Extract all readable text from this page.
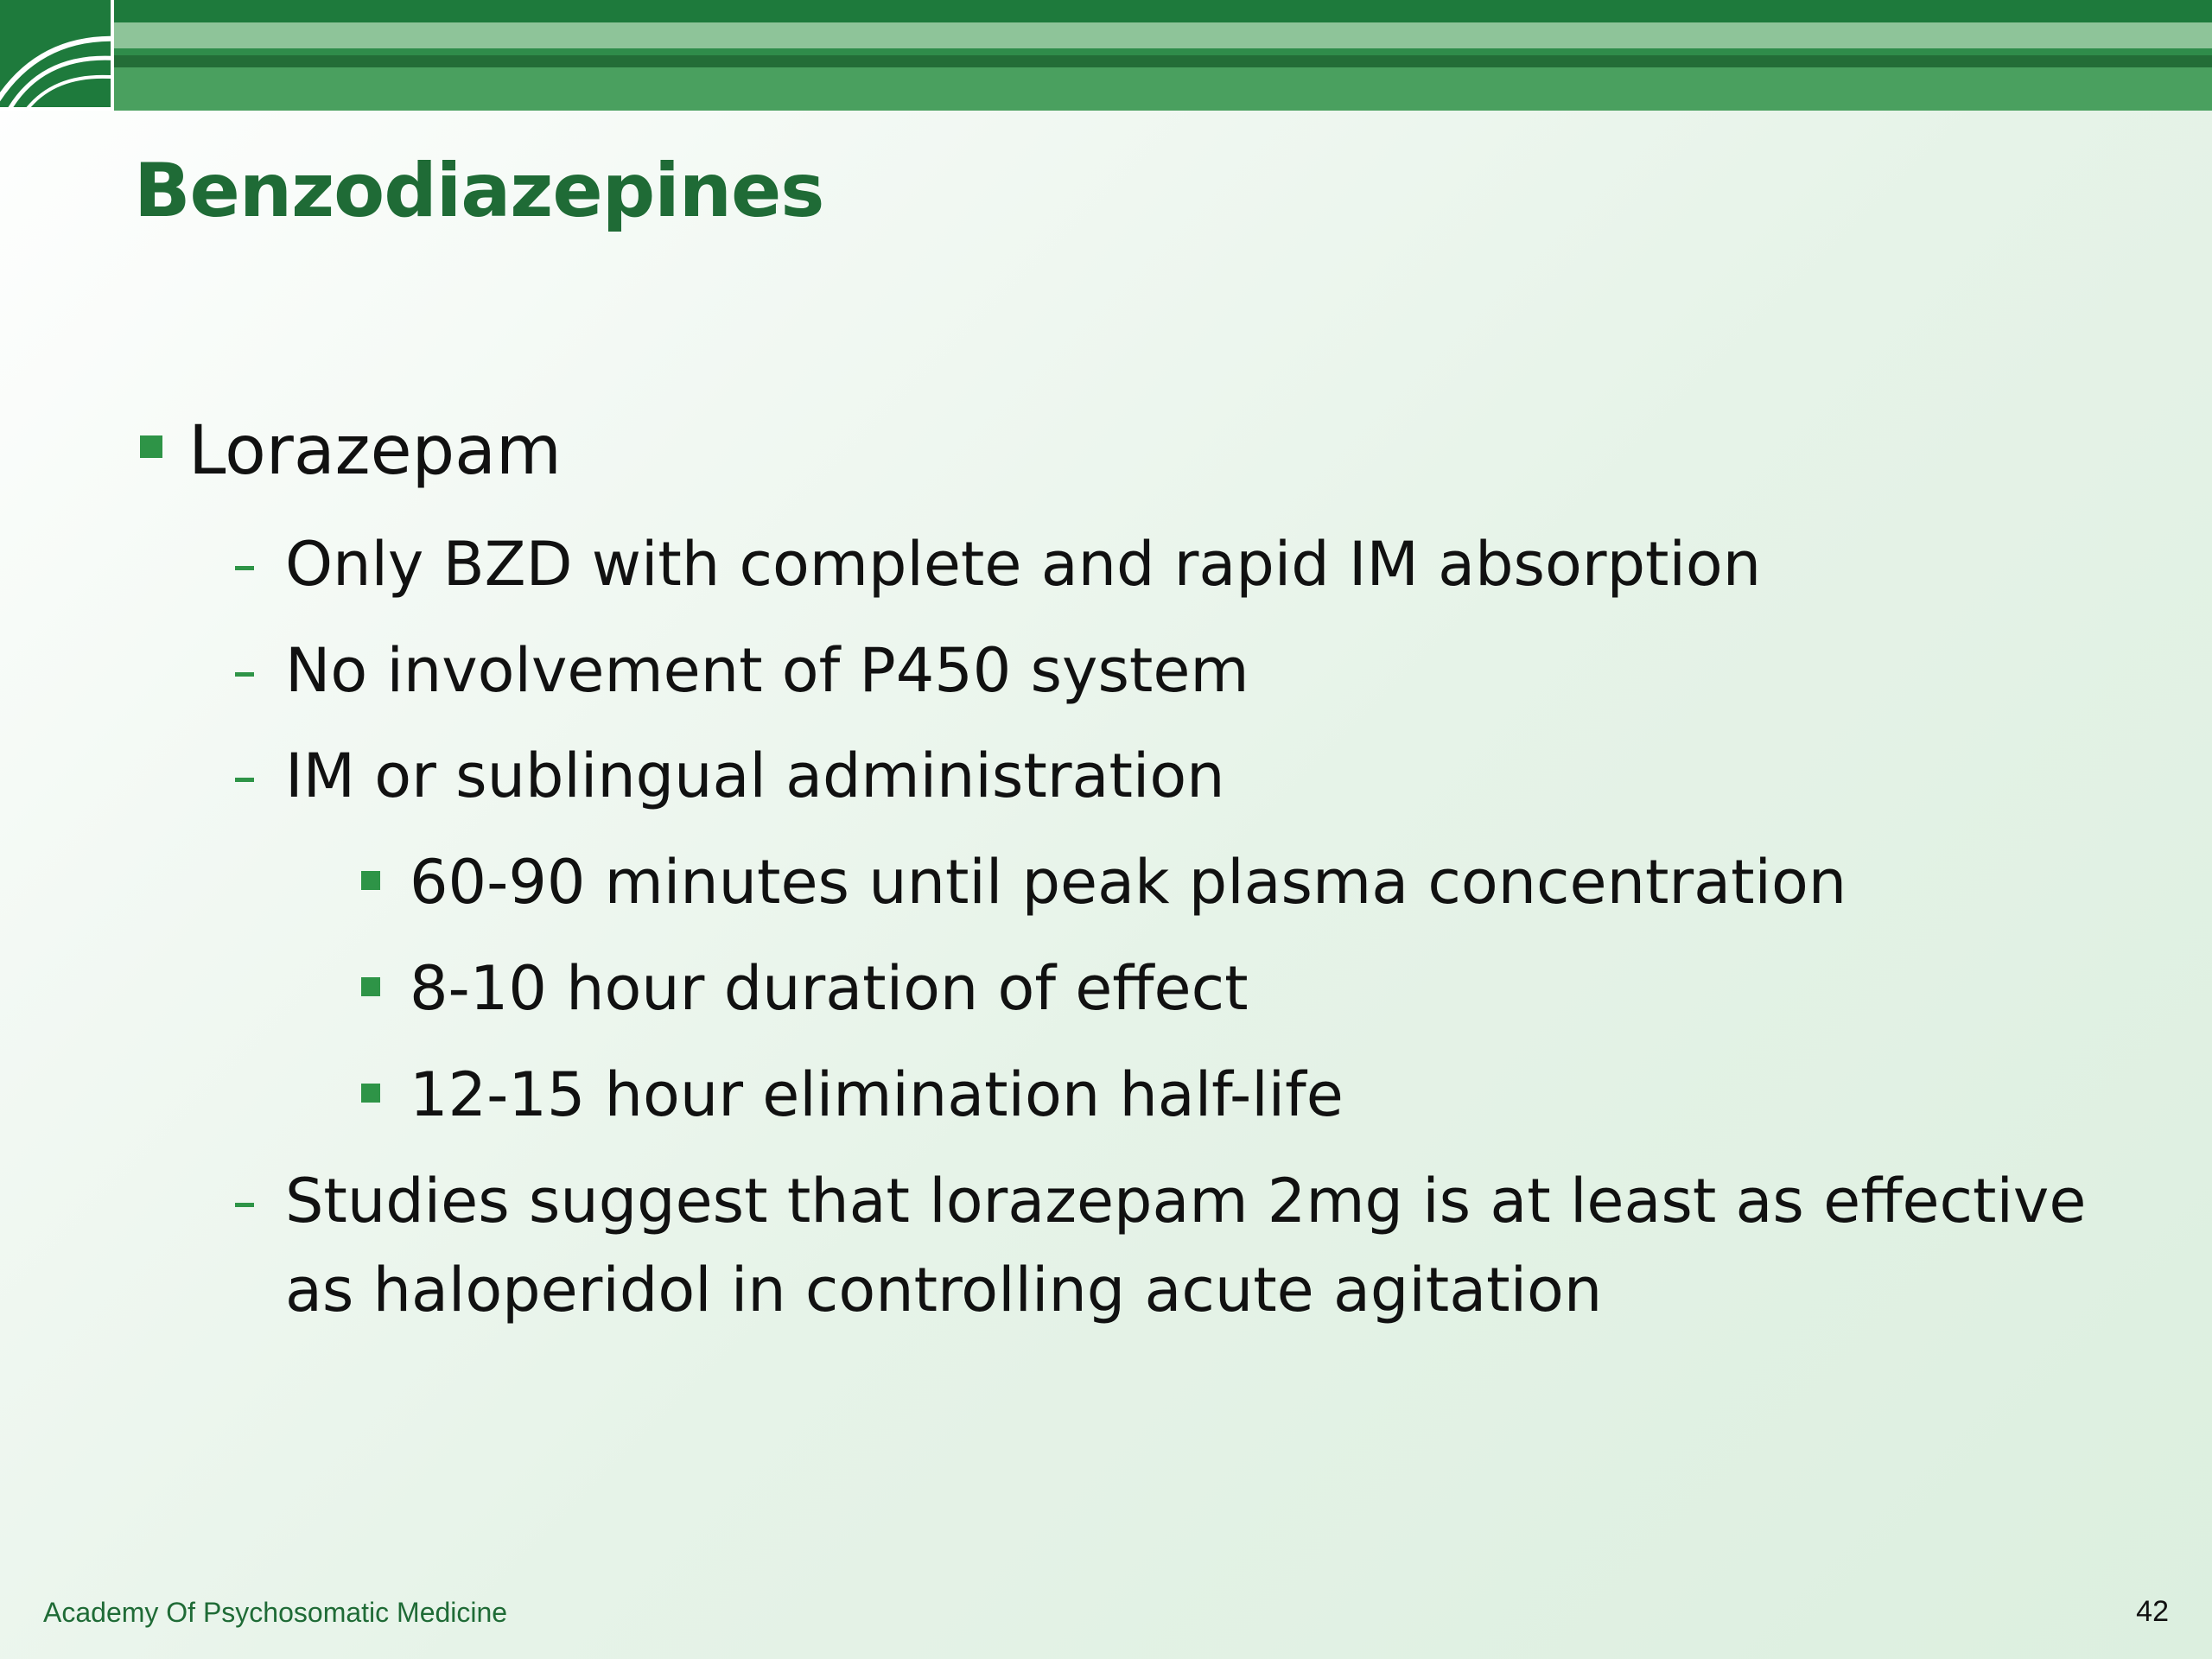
Benzodiazepines
Lorazepam
Only BZD with complete and rapid IM absorption
No involvement of P450 system
IM or sublingual administration
60-90 minutes until peak plasma concentration
8-10 hour duration of effect
12-15 hour elimination half-life
Studies suggest that lorazepam 2mg is at least as effective
as haloperidol in controlling acute agitation
Academy Of Psychosomatic Medicine	42
